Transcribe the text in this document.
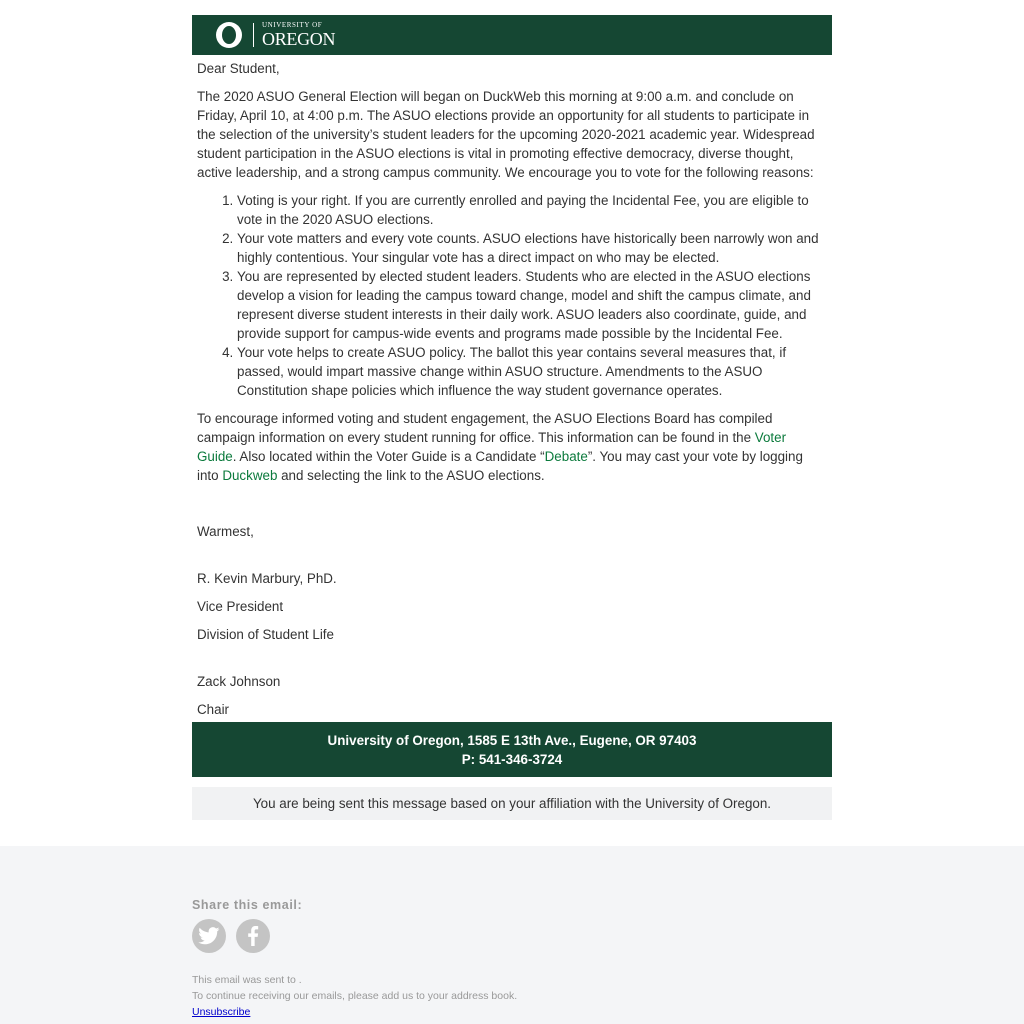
UNIVERSITY OF
OREGON

Dear Student,

The 2020 ASUO General Election will began on DuckWeb this morning at 9:00 a.m. and conclude on Friday, April 10, at 4:00 p.m. The ASUO elections provide an opportunity for all students to participate in the selection of the university’s student leaders for the upcoming 2020-2021 academic year. Widespread student participation in the ASUO elections is vital in promoting effective democracy, diverse thought, active leadership, and a strong campus community. We encourage you to vote for the following reasons:

1. Voting is your right. If you are currently enrolled and paying the Incidental Fee, you are eligible to vote in the 2020 ASUO elections.
2. Your vote matters and every vote counts. ASUO elections have historically been narrowly won and highly contentious. Your singular vote has a direct impact on who may be elected.
3. You are represented by elected student leaders. Students who are elected in the ASUO elections develop a vision for leading the campus toward change, model and shift the campus climate, and represent diverse student interests in their daily work. ASUO leaders also coordinate, guide, and provide support for campus-wide events and programs made possible by the Incidental Fee.
4. Your vote helps to create ASUO policy. The ballot this year contains several measures that, if passed, would impart massive change within ASUO structure. Amendments to the ASUO Constitution shape policies which influence the way student governance operates.

To encourage informed voting and student engagement, the ASUO Elections Board has compiled campaign information on every student running for office. This information can be found in the Voter Guide. Also located within the Voter Guide is a Candidate “Debate”. You may cast your vote by logging into Duckweb and selecting the link to the ASUO elections.

Warmest,

R. Kevin Marbury, PhD.

Vice President

Division of Student Life

Zack Johnson

Chair

University of Oregon, 1585 E 13th Ave., Eugene, OR 97403
P: 541-346-3724
You are being sent this message based on your affiliation with the University of Oregon.
Share this email:
This email was sent to .
To continue receiving our emails, please add us to your address book.
Unsubscribe
